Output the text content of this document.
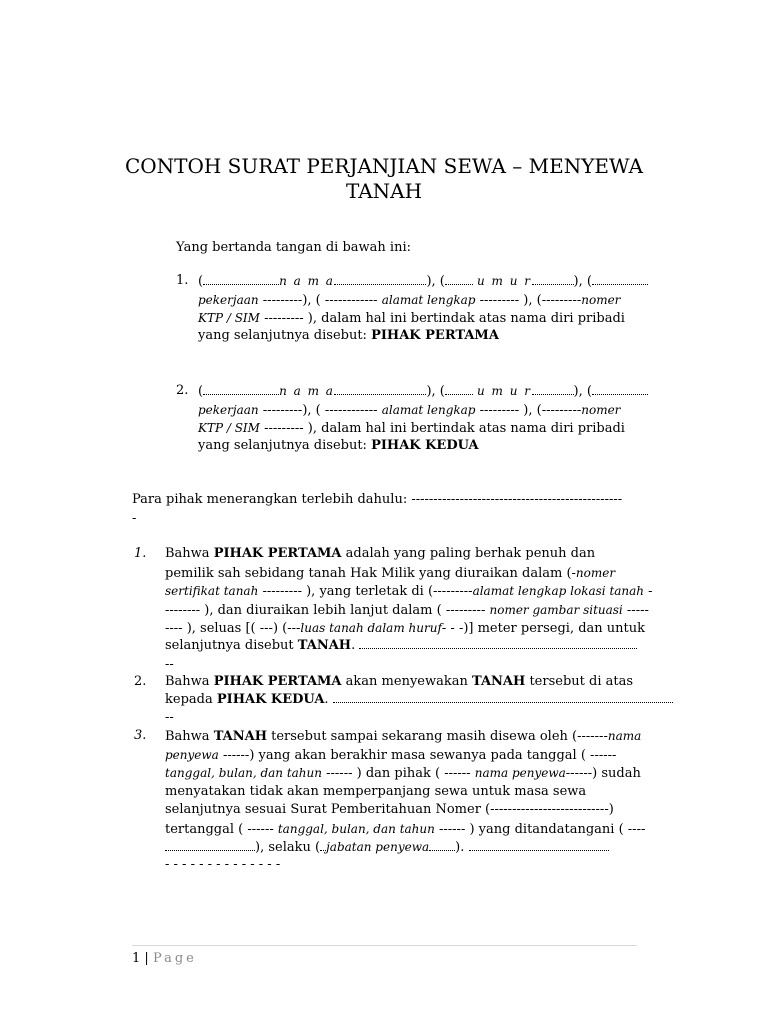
CONTOH SURAT PERJANJIAN SEWA – MENYEWA
TANAH
Yang bertanda tangan di bawah ini:
1. (	n a m a	), (	u m u r	), (
pekerjaan ---------), ( ------------ alamat lengkap --------- ), (---------nomer
KTP / SIM --------- ), dalam hal ini bertindak atas nama diri pribadi
yang selanjutnya disebut: PIHAK PERTAMA
2. (	n a m a	), (	u m u r	), (
pekerjaan ---------), ( ------------ alamat lengkap --------- ), (---------nomer
KTP / SIM --------- ), dalam hal ini bertindak atas nama diri pribadi
yang selanjutnya disebut: PIHAK KEDUA
Para pihak menerangkan terlebih dahulu: ------------------------------------------------
-
1. Bahwa PIHAK PERTAMA adalah yang paling berhak penuh dan
pemilik sah sebidang tanah Hak Milik yang diuraikan dalam (-nomer
sertifikat tanah --------- ), yang terletak di (---------alamat lengkap lokasi tanah -
-------- ), dan diuraikan lebih lanjut dalam ( --------- nomer gambar situasi -----
---- ), seluas [( ---) (---luas tanah dalam huruf- - -)] meter persegi, dan untuk
selanjutnya disebut TANAH.
--
2. Bahwa PIHAK PERTAMA akan menyewakan TANAH tersebut di atas
kepada PIHAK KEDUA.
--
3. Bahwa TANAH tersebut sampai sekarang masih disewa oleh (-------nama
penyewa ------) yang akan berakhir masa sewanya pada tanggal ( ------
tanggal, bulan, dan tahun ------ ) dan pihak ( ------ nama penyewa------) sudah
menyatakan tidak akan memperpanjang sewa untuk masa sewa
selanjutnya sesuai Surat Pemberitahuan Nomer (---------------------------)
tertanggal ( ------ tanggal, bulan, dan tahun ------ ) yang ditandatangani ( ----
), selaku ( jabatan penyewa ).
- - - - - - - - - - - - - -
1 | Page
